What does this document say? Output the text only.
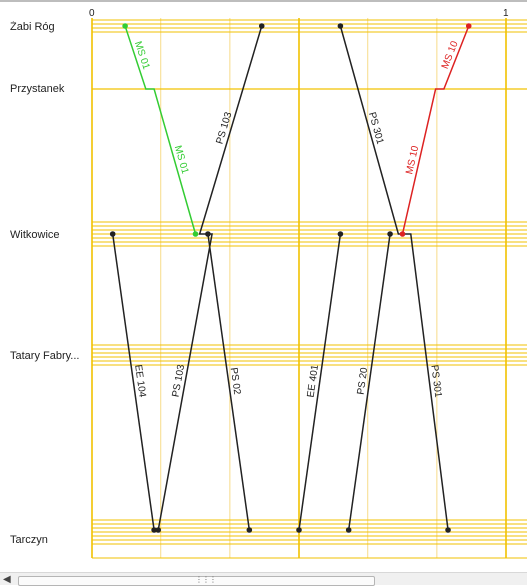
Żabi Róg
Przystanek
Witkowice
Tatary Fabry...
Tarczyn
MS 01
MS 01
PS 103
PS 103
PS 301
PS 301
MS 10
MS 10
EE 104	PS 02	EE 401	PS 20
0	1
◀	⋮⋮⋮
